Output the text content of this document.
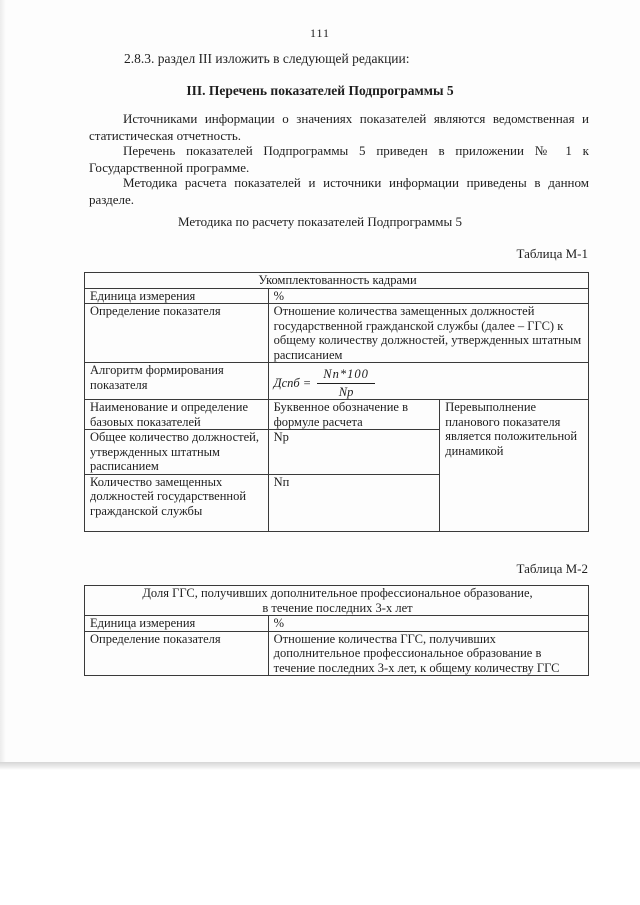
111
2.8.3. раздел III изложить в следующей редакции:
III. Перечень показателей Подпрограммы 5
Источниками информации о значениях показателей являются ведомственная и статистическая отчетность.
Перечень показателей Подпрограммы 5 приведен в приложении № 1 к Государственной программе.
Методика расчета показателей и источники информации приведены в данном разделе.
Методика по расчету показателей Подпрограммы 5
Таблица М-1
Укомплектованность кадрами		
Единица измерения	%	
Определение показателя	Отношение количества замещенных должностей государственной гражданской службы (далее – ГГС) к общему количеству должностей, утвержденных штатным расписанием	
Алгоритм формирования показателя	Дспб = $\frac{Nп*100}{Nр}$

Наименование и определение базовых показателей	Буквенное обозначение в формуле расчета	Перевыполнение планового показателя является положительной динамикой
Общее количество должностей, утвержденных штатным расписанием	Np	
Количество замещенных должностей государственной гражданской службы	Nп	
Таблица М-2
Доля ГГС, получивших дополнительное профессиональное образование,
в течение последних 3-х лет	
Единица измерения	%
Определение показателя	Отношение количества ГГС, получивших дополнительное профессиональное образование в течение последних 3-х лет, к общему количеству ГГС
